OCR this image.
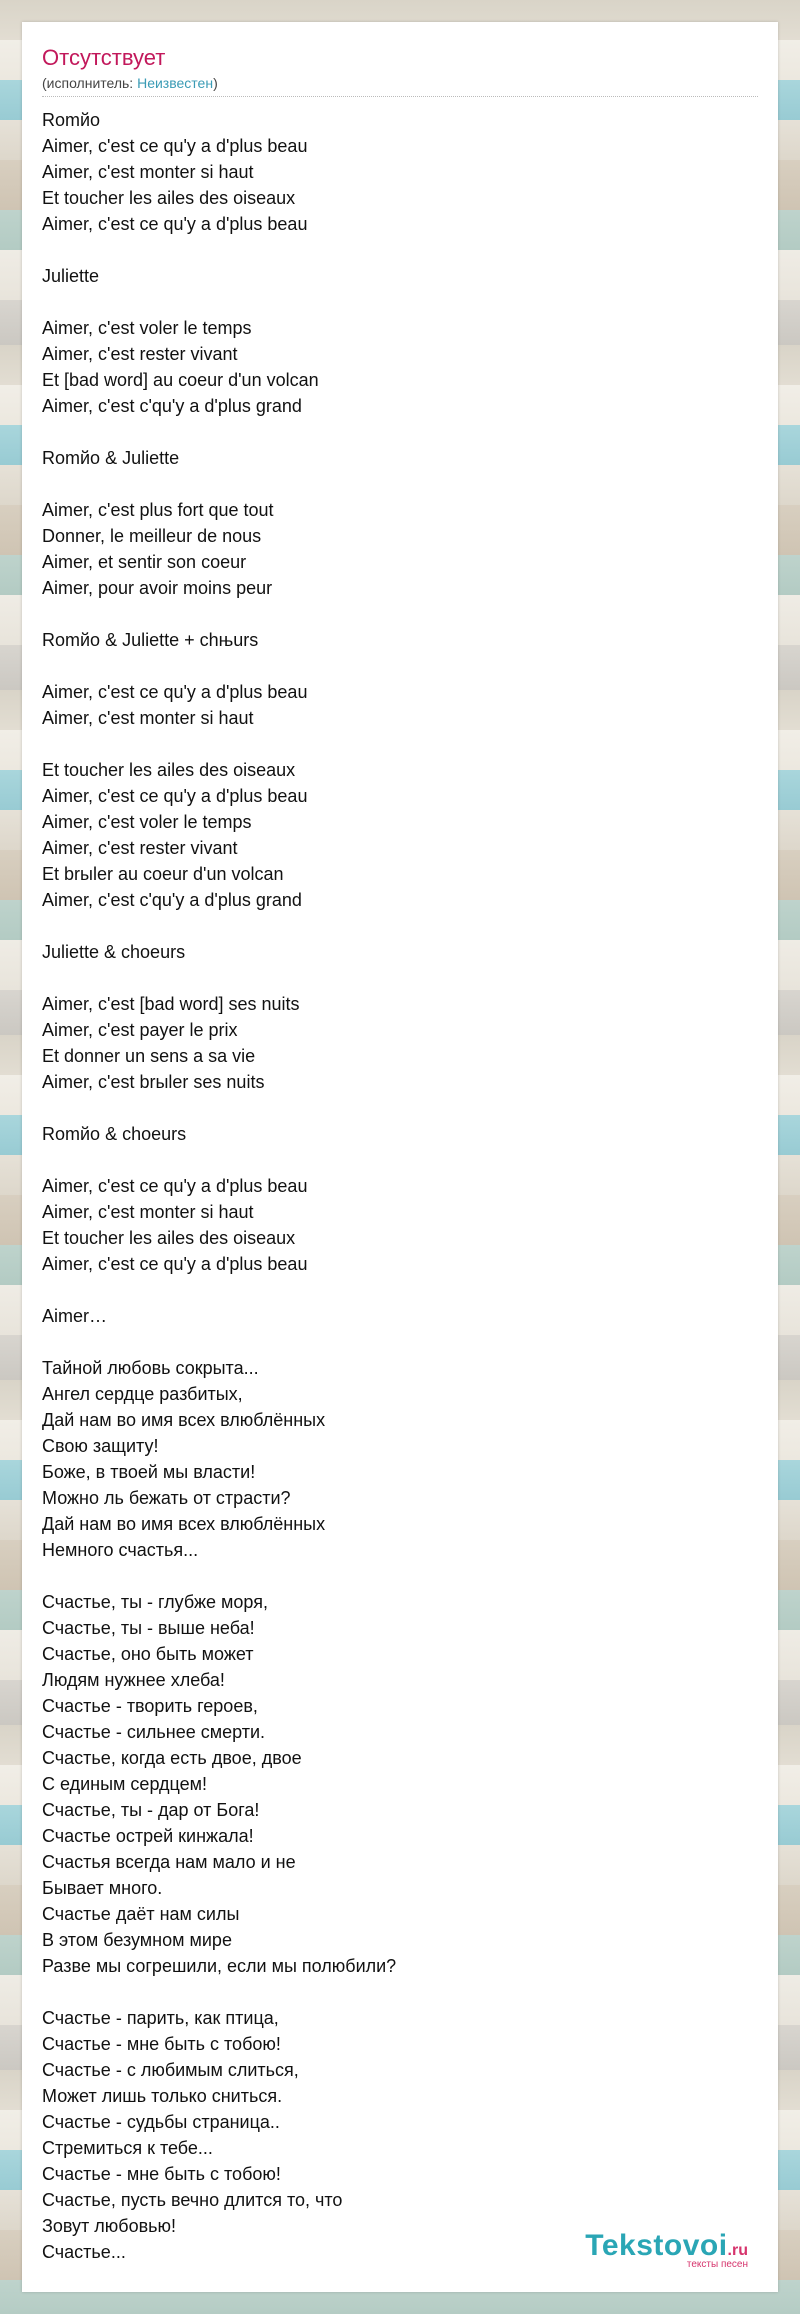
Отсутствует
(исполнитель: Неизвестен)
Romйo
Aimer, c'est ce qu'y a d'plus beau
Aimer, c'est monter si haut
Et toucher les ailes des oiseaux
Aimer, c'est ce qu'y a d'plus beau
Juliette
Aimer, c'est voler le temps
Aimer, c'est rester vivant
Et [bad word] au coeur d'un volcan
Aimer, c'est c'qu'y a d'plus grand
Romйo & Juliette
Aimer, c'est plus fort que tout
Donner, le meilleur de nous
Aimer, et sentir son coeur
Aimer, pour avoir moins peur
Romйo & Juliette + chњurs
Aimer, c'est ce qu'y a d'plus beau
Aimer, c'est monter si haut
Et toucher les ailes des oiseaux
Aimer, c'est ce qu'y a d'plus beau
Aimer, c'est voler le temps
Aimer, c'est rester vivant
Et brыler au coeur d'un volcan
Aimer, c'est c'qu'y a d'plus grand
Juliette & choeurs
Aimer, c'est [bad word] ses nuits
Aimer, c'est payer le prix
Et donner un sens a sa vie
Aimer, c'est brыler ses nuits
Romйo & choeurs
Aimer, c'est ce qu'y a d'plus beau
Aimer, c'est monter si haut
Et toucher les ailes des oiseaux
Aimer, c'est ce qu'y a d'plus beau
Aimer…
Тайной любовь сокрыта...
Ангел сердце разбитых,
Дай нам во имя всех влюблённых
Свою защиту!
Боже, в твоей мы власти!
Можно ль бежать от страсти?
Дай нам во имя всех влюблённых
Немного счастья...
Счастье, ты - глубже моря,
Счастье, ты - выше неба!
Счастье, оно быть может
Людям нужнее хлеба!
Счастье - творить героев,
Счастье - сильнее смерти.
Счастье, когда есть двое, двое
С единым сердцем!
Счастье, ты - дар от Бога!
Счастье острей кинжала!
Счастья всегда нам мало и не
Бывает много.
Счастье даёт нам силы
В этом безумном мире
Разве мы согрешили, если мы полюбили?
Счастье - парить, как птица,
Счастье - мне быть с тобою!
Счастье - с любимым слиться,
Может лишь только сниться.
Счастье - судьбы страница..
Стремиться к тебе...
Счастье - мне быть с тобою!
Счастье, пусть вечно длится то, что
Зовут любовью!
Счастье...	Tekstovoi.ru
тексты песен
